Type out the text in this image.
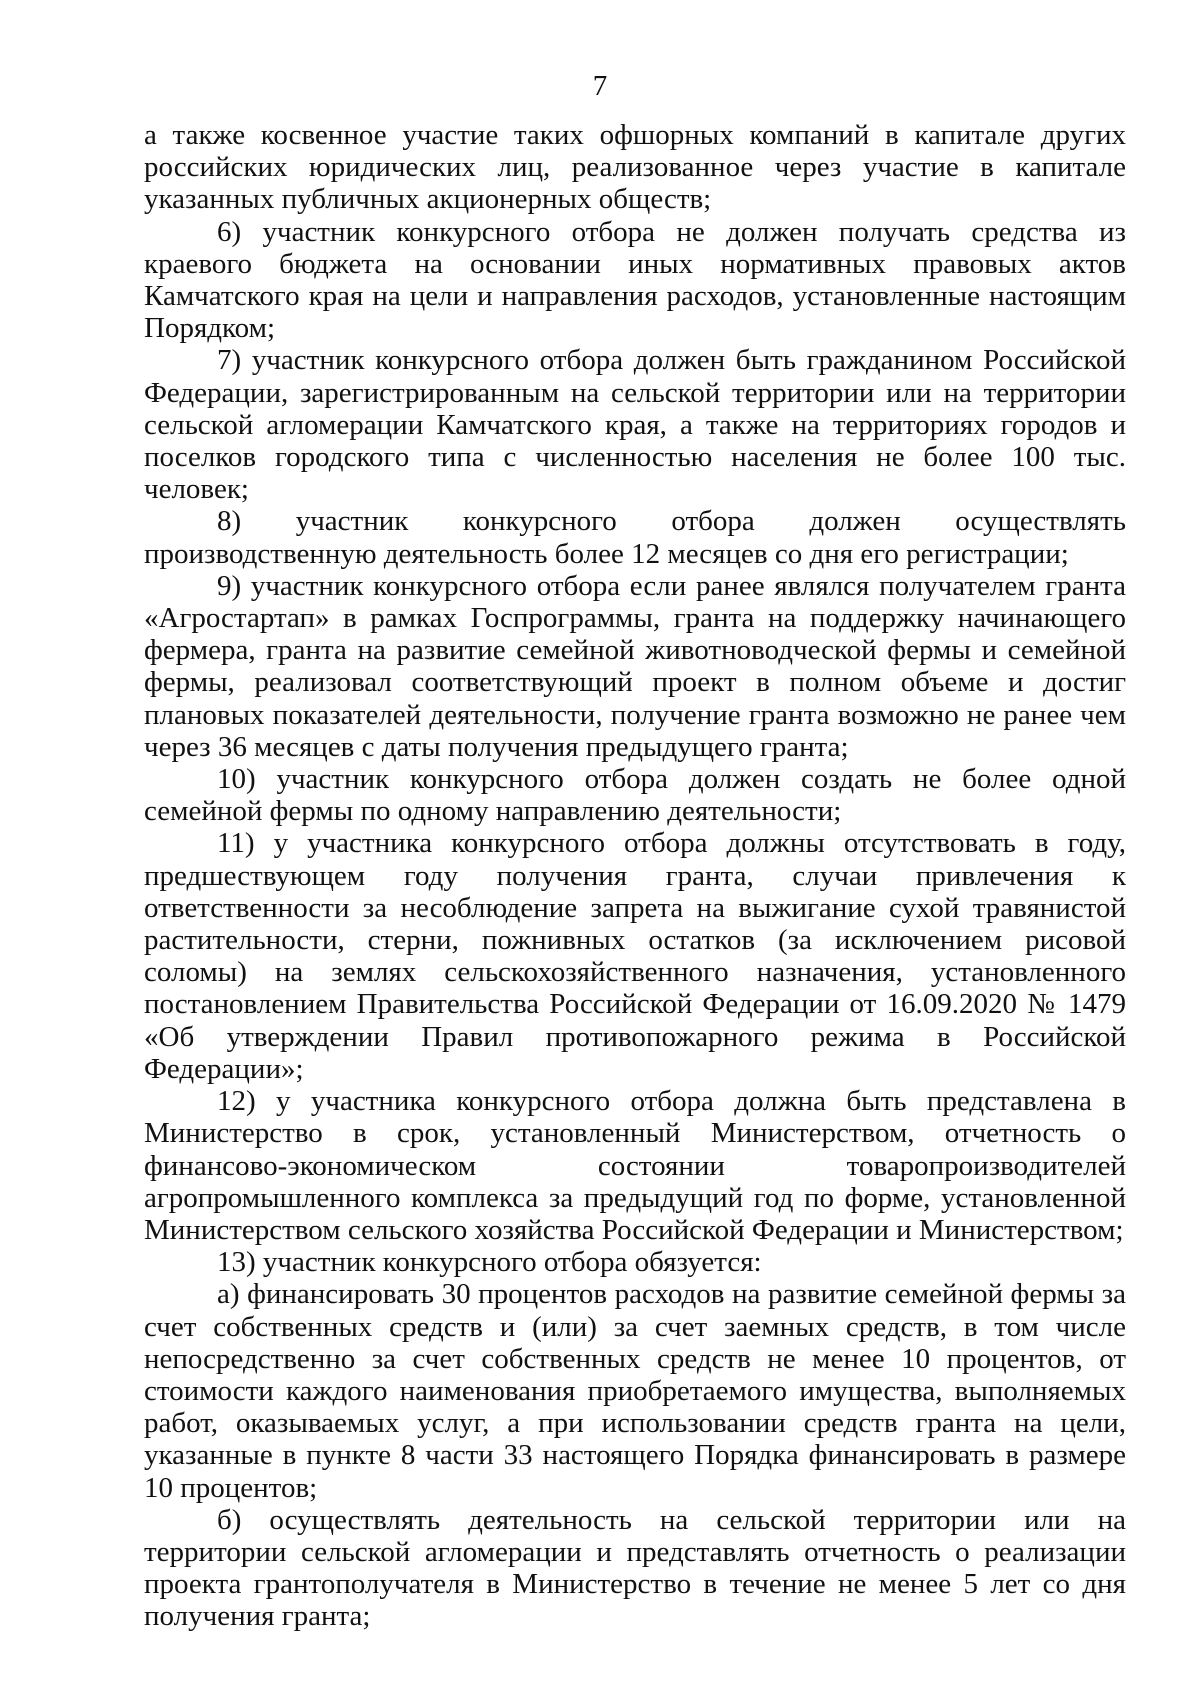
7

а также косвенное участие таких офшорных компаний в капитале других российских юридических лиц, реализованное через участие в капитале указанных публичных акционерных обществ;

6) участник конкурсного отбора не должен получать средства из краевого бюджета на основании иных нормативных правовых актов Камчатского края на цели и направления расходов, установленные настоящим Порядком;

7) участник конкурсного отбора должен быть гражданином Российской Федерации, зарегистрированным на сельской территории или на территории сельской агломерации Камчатского края, а также на территориях городов и поселков городского типа с численностью населения не более 100 тыс. человек;

8) участник конкурсного отбора должен осуществлять производственную деятельность более 12 месяцев со дня его регистрации;

9) участник конкурсного отбора если ранее являлся получателем гранта «Агростартап» в рамках Госпрограммы, гранта на поддержку начинающего фермера, гранта на развитие семейной животноводческой фермы и семейной фермы, реализовал соответствующий проект в полном объеме и достиг плановых показателей деятельности, получение гранта возможно не ранее чем через 36 месяцев с даты получения предыдущего гранта;

10) участник конкурсного отбора должен создать не более одной семейной фермы по одному направлению деятельности;

11) у участника конкурсного отбора должны отсутствовать в году, предшествующем году получения гранта, случаи привлечения к ответственности за несоблюдение запрета на выжигание сухой травянистой растительности, стерни, пожнивных остатков (за исключением рисовой соломы) на землях сельскохозяйственного назначения, установленного постановлением Правительства Российской Федерации от 16.09.2020 № 1479 «Об утверждении Правил противопожарного режима в Российской Федерации»;

12) у участника конкурсного отбора должна быть представлена в Министерство в срок, установленный Министерством, отчетность о финансово-экономическом состоянии товаропроизводителей агропромышленного комплекса за предыдущий год по форме, установленной Министерством сельского хозяйства Российской Федерации и Министерством;

13) участник конкурсного отбора обязуется:

а) финансировать 30 процентов расходов на развитие семейной фермы за счет собственных средств и (или) за счет заемных средств, в том числе непосредственно за счет собственных средств не менее 10 процентов, от стоимости каждого наименования приобретаемого имущества, выполняемых работ, оказываемых услуг, а при использовании средств гранта на цели, указанные в пункте 8 части 33 настоящего Порядка финансировать в размере 10 процентов;

б) осуществлять деятельность на сельской территории или на территории сельской агломерации и представлять отчетность о реализации проекта грантополучателя в Министерство в течение не менее 5 лет со дня получения гранта;
